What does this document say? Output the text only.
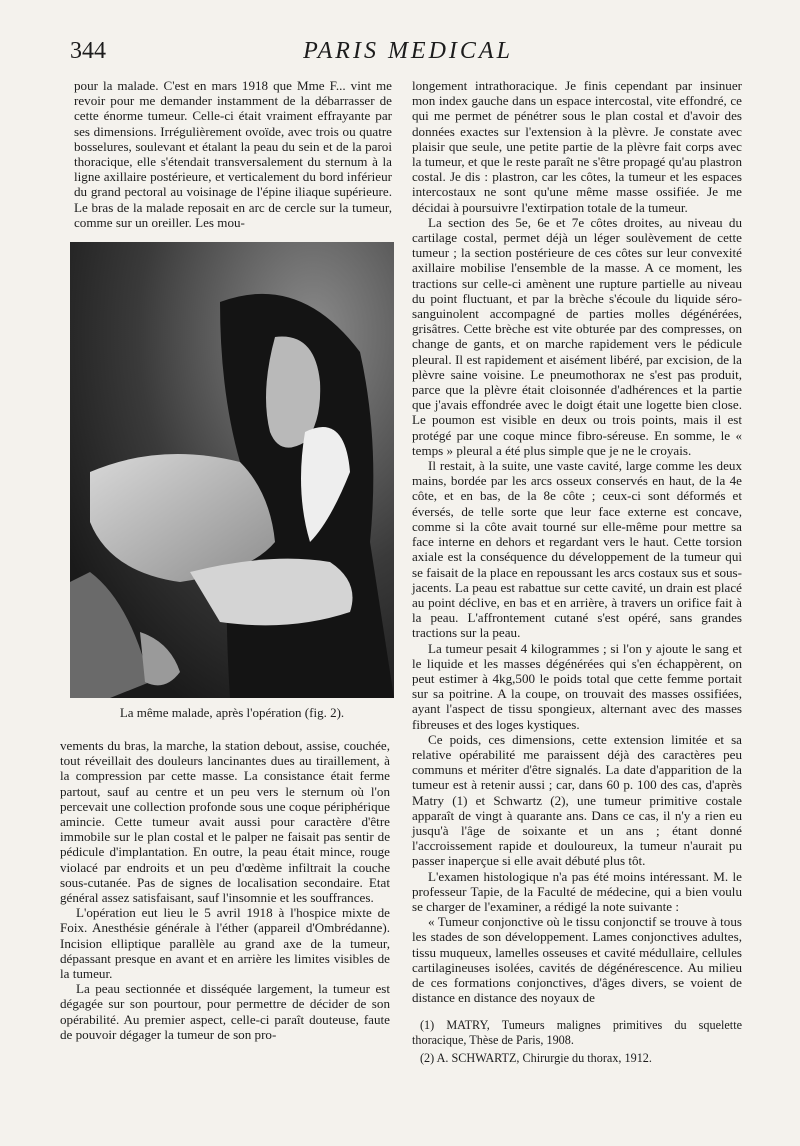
344	PARIS MEDICAL

pour la malade. C'est en mars 1918 que Mme F... vint me revoir pour me demander instamment de la débarrasser de cette énorme tumeur. Celle-ci était vraiment effrayante par ses dimensions. Irrégulièrement ovoïde, avec trois ou quatre bosselures, soulevant et étalant la peau du sein et de la paroi thoracique, elle s'étendait transversalement du sternum à la ligne axillaire postérieure, et verticalement du bord inférieur du grand pectoral au voisinage de l'épine iliaque supérieure. Le bras de la malade reposait en arc de cercle sur la tumeur, comme sur un oreiller. Les mou-

La même malade, après l'opération (fig. 2).

vements du bras, la marche, la station debout, assise, couchée, tout réveillait des douleurs lancinantes dues au tiraillement, à la compression par cette masse. La consistance était ferme partout, sauf au centre et un peu vers le sternum où l'on percevait une collection profonde sous une coque périphérique amincie. Cette tumeur avait aussi pour caractère d'être immobile sur le plan costal et le palper ne faisait pas sentir de pédicule d'implantation. En outre, la peau était mince, rouge violacé par endroits et un peu d'œdème infiltrait la couche sous-cutanée. Pas de signes de localisation secondaire. Etat général assez satisfaisant, sauf l'insomnie et les souffrances.

L'opération eut lieu le 5 avril 1918 à l'hospice mixte de Foix. Anesthésie générale à l'éther (appareil d'Ombrédanne). Incision elliptique parallèle au grand axe de la tumeur, dépassant presque en avant et en arrière les limites visibles de la tumeur.

La peau sectionnée et disséquée largement, la tumeur est dégagée sur son pourtour, pour permettre de décider de son opérabilité. Au premier aspect, celle-ci paraît douteuse, faute de pouvoir dégager la tumeur de son pro-

longement intrathoracique. Je finis cependant par insinuer mon index gauche dans un espace intercostal, vite effondré, ce qui me permet de pénétrer sous le plan costal et d'avoir des données exactes sur l'extension à la plèvre. Je constate avec plaisir que seule, une petite partie de la plèvre fait corps avec la tumeur, et que le reste paraît ne s'être propagé qu'au plastron costal. Je dis : plastron, car les côtes, la tumeur et les espaces intercostaux ne sont qu'une même masse ossifiée. Je me décidai à poursuivre l'extirpation totale de la tumeur.

La section des 5e, 6e et 7e côtes droites, au niveau du cartilage costal, permet déjà un léger soulèvement de cette tumeur ; la section postérieure de ces côtes sur leur convexité axillaire mobilise l'ensemble de la masse. A ce moment, les tractions sur celle-ci amènent une rupture partielle au niveau du point fluctuant, et par la brèche s'écoule du liquide séro-sanguinolent accompagné de parties molles dégénérées, grisâtres. Cette brèche est vite obturée par des compresses, on change de gants, et on marche rapidement vers le pédicule pleural. Il est rapidement et aisément libéré, par excision, de la plèvre saine voisine. Le pneumothorax ne s'est pas produit, parce que la plèvre était cloisonnée d'adhérences et la partie que j'avais effondrée avec le doigt était une logette bien close. Le poumon est visible en deux ou trois points, mais il est protégé par une coque mince fibro-séreuse. En somme, le « temps » pleural a été plus simple que je ne le croyais.

Il restait, à la suite, une vaste cavité, large comme les deux mains, bordée par les arcs osseux conservés en haut, de la 4e côte, et en bas, de la 8e côte ; ceux-ci sont déformés et éversés, de telle sorte que leur face externe est concave, comme si la côte avait tourné sur elle-même pour mettre sa face interne en dehors et regardant vers le haut. Cette torsion axiale est la conséquence du développement de la tumeur qui se faisait de la place en repoussant les arcs costaux sus et sous-jacents. La peau est rabattue sur cette cavité, un drain est placé au point déclive, en bas et en arrière, à travers un orifice fait à la peau. L'affrontement cutané s'est opéré, sans grandes tractions sur la peau.

La tumeur pesait 4 kilogrammes ; si l'on y ajoute le sang et le liquide et les masses dégénérées qui s'en échappèrent, on peut estimer à 4kg,500 le poids total que cette femme portait sur sa poitrine. A la coupe, on trouvait des masses ossifiées, ayant l'aspect de tissu spongieux, alternant avec des masses fibreuses et des loges kystiques.

Ce poids, ces dimensions, cette extension limitée et sa relative opérabilité me paraissent déjà des caractères peu communs et mériter d'être signalés. La date d'apparition de la tumeur est à retenir aussi ; car, dans 60 p. 100 des cas, d'après Matry (1) et Schwartz (2), une tumeur primitive costale apparaît de vingt à quarante ans. Dans ce cas, il n'y a rien eu jusqu'à l'âge de soixante et un ans ; étant donné l'accroissement rapide et douloureux, la tumeur n'aurait pu passer inaperçue si elle avait débuté plus tôt.

L'examen histologique n'a pas été moins intéressant. M. le professeur Tapie, de la Faculté de médecine, qui a bien voulu se charger de l'examiner, a rédigé la note suivante :

« Tumeur conjonctive où le tissu conjonctif se trouve à tous les stades de son développement. Lames conjonctives adultes, tissu muqueux, lamelles osseuses et cavité médullaire, cellules cartilagineuses isolées, cavités de dégénérescence. Au milieu de ces formations conjonctives, d'âges divers, se voient de distance en distance des noyaux de

(1) MATRY, Tumeurs malignes primitives du squelette thoracique, Thèse de Paris, 1908.

(2) A. SCHWARTZ, Chirurgie du thorax, 1912.
